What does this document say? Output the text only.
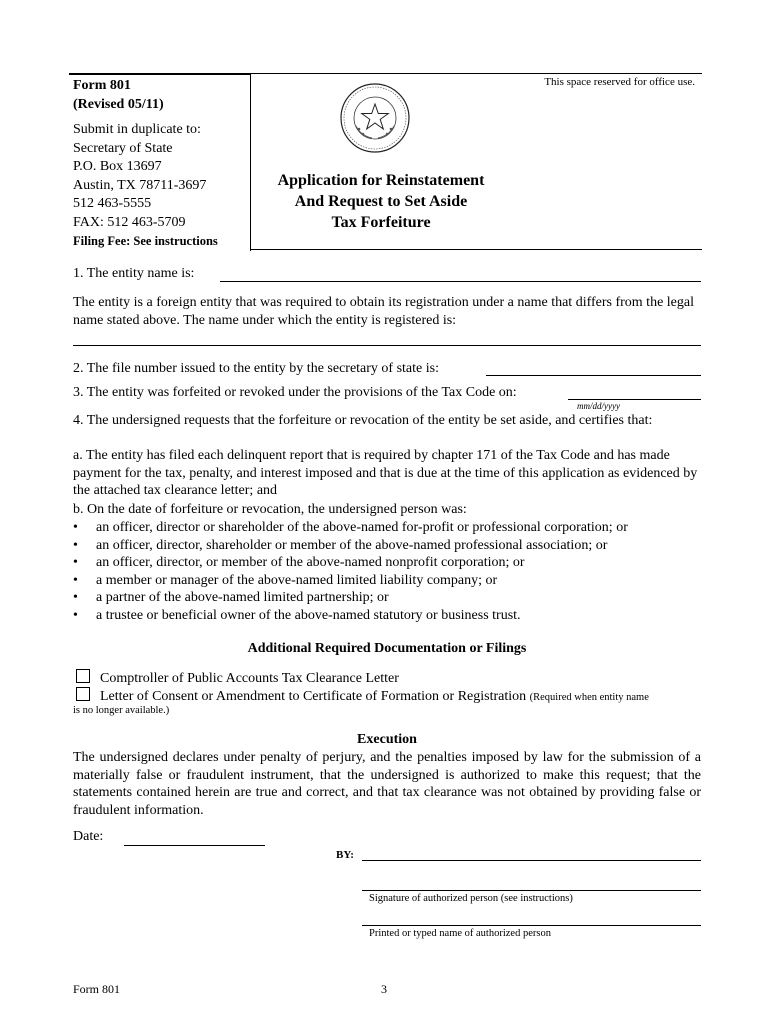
Form 801
(Revised 05/11)
Submit in duplicate to:
Secretary of State
P.O. Box 13697
Austin, TX 78711-3697
512 463-5555
FAX: 512 463-5709
Filing Fee: See instructions
This space reserved for office use.
Application for Reinstatement
And Request to Set Aside
Tax Forfeiture
1. The entity name is:
The entity is a foreign entity that was required to obtain its registration under a name that differs from the legal name stated above. The name under which the entity is registered is:
2. The file number issued to the entity by the secretary of state is:
3. The entity was forfeited or revoked under the provisions of the Tax Code on:
mm/dd/yyyy
4. The undersigned requests that the forfeiture or revocation of the entity be set aside, and certifies that:
a. The entity has filed each delinquent report that is required by chapter 171 of the Tax Code and has made payment for the tax, penalty, and interest imposed and that is due at the time of this application as evidenced by the attached tax clearance letter; and
b. On the date of forfeiture or revocation, the undersigned person was:
• an officer, director or shareholder of the above-named for-profit or professional corporation; or
• an officer, director, shareholder or member of the above-named professional association; or
• an officer, director, or member of the above-named nonprofit corporation; or
• a member or manager of the above-named limited liability company; or
• a partner of the above-named limited partnership; or
• a trustee or beneficial owner of the above-named statutory or business trust.
Additional Required Documentation or Filings
Comptroller of Public Accounts Tax Clearance Letter
Letter of Consent or Amendment to Certificate of Formation or Registration (Required when entity name
is no longer available.)
Execution
The undersigned declares under penalty of perjury, and the penalties imposed by law for the submission of a materially false or fraudulent instrument, that the undersigned is authorized to make this request; that the statements contained herein are true and correct, and that tax clearance was not obtained by providing false or fraudulent information.
Date:
BY:
Signature of authorized person (see instructions)
Printed or typed name of authorized person
Form 801	3
